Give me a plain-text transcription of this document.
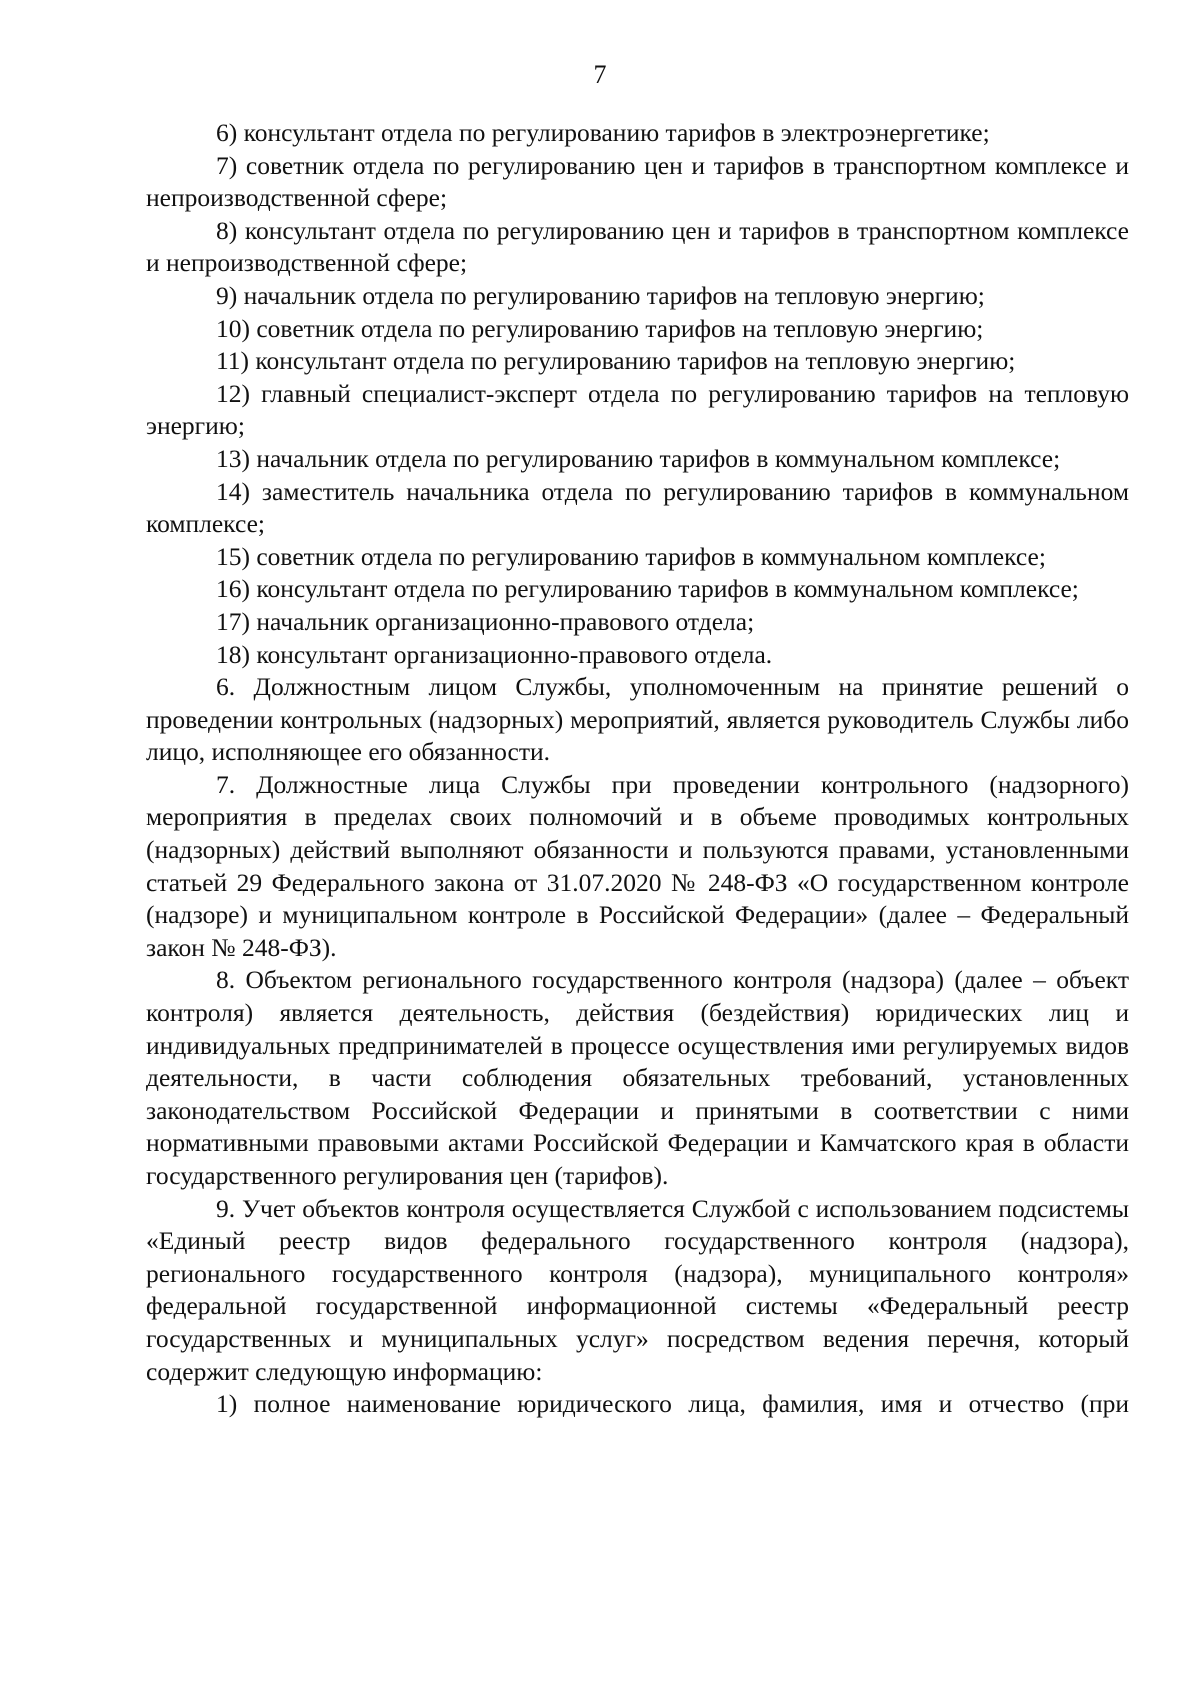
7

6) консультант отдела по регулированию тарифов в электроэнергетике;

7) советник отдела по регулированию цен и тарифов в транспортном комплексе и непроизводственной сфере;

8) консультант отдела по регулированию цен и тарифов в транспортном комплексе и непроизводственной сфере;

9) начальник отдела по регулированию тарифов на тепловую энергию;

10) советник отдела по регулированию тарифов на тепловую энергию;

11) консультант отдела по регулированию тарифов на тепловую энергию;

12) главный специалист-эксперт отдела по регулированию тарифов на тепловую энергию;

13) начальник отдела по регулированию тарифов в коммунальном комплексе;

14) заместитель начальника отдела по регулированию тарифов в коммунальном комплексе;

15) советник отдела по регулированию тарифов в коммунальном комплексе;

16) консультант отдела по регулированию тарифов в коммунальном комплексе;

17) начальник организационно-правового отдела;

18) консультант организационно-правового отдела.

6. Должностным лицом Службы, уполномоченным на принятие решений о проведении контрольных (надзорных) мероприятий, является руководитель Службы либо лицо, исполняющее его обязанности.

7. Должностные лица Службы при проведении контрольного (надзорного) мероприятия в пределах своих полномочий и в объеме проводимых контрольных (надзорных) действий выполняют обязанности и пользуются правами, установленными статьей 29 Федерального закона от 31.07.2020 № 248-ФЗ «О государственном контроле (надзоре) и муниципальном контроле в Российской Федерации» (далее – Федеральный закон № 248-ФЗ).

8. Объектом регионального государственного контроля (надзора) (далее – объект контроля) является деятельность, действия (бездействия) юридических лиц и индивидуальных предпринимателей в процессе осуществления ими регулируемых видов деятельности, в части соблюдения обязательных требований, установленных законодательством Российской Федерации и принятыми в соответствии с ними нормативными правовыми актами Российской Федерации и Камчатского края в области государственного регулирования цен (тарифов).

9. Учет объектов контроля осуществляется Службой с использованием подсистемы «Единый реестр видов федерального государственного контроля (надзора), регионального государственного контроля (надзора), муниципального контроля» федеральной государственной информационной системы «Федеральный реестр государственных и муниципальных услуг» посредством ведения перечня, который содержит следующую информацию:

1) полное наименование юридического лица, фамилия, имя и отчество (при
